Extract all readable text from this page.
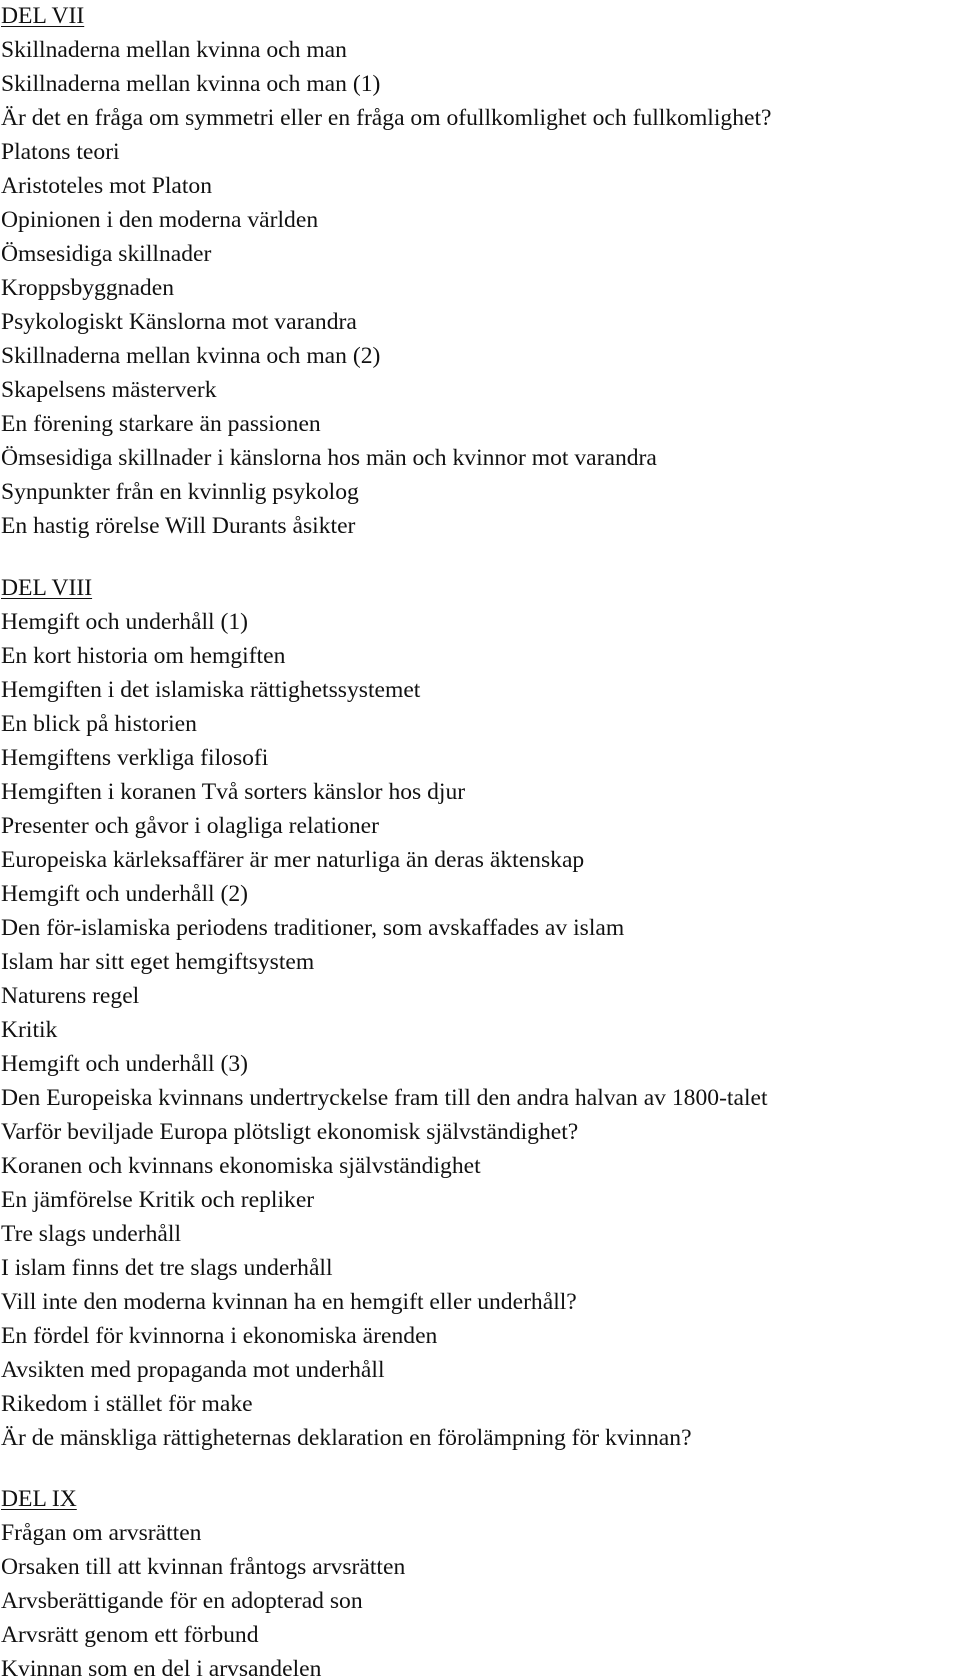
DEL VII
Skillnaderna mellan kvinna och man
Skillnaderna mellan kvinna och man (1)
Är det en fråga om symmetri eller en fråga om ofullkomlighet och fullkomlighet?
Platons teori
Aristoteles mot Platon
Opinionen i den moderna världen
Ömsesidiga skillnader
Kroppsbyggnaden
Psykologiskt Känslorna mot varandra
Skillnaderna mellan kvinna och man (2)
Skapelsens mästerverk
En förening starkare än passionen
Ömsesidiga skillnader i känslorna hos män och kvinnor mot varandra
Synpunkter från en kvinnlig psykolog
En hastig rörelse Will Durants åsikter
DEL VIII
Hemgift och underhåll (1)
En kort historia om hemgiften
Hemgiften i det islamiska rättighetssystemet
En blick på historien
Hemgiftens verkliga filosofi
Hemgiften i koranen Två sorters känslor hos djur
Presenter och gåvor i olagliga relationer
Europeiska kärleksaffärer är mer naturliga än deras äktenskap
Hemgift och underhåll (2)
Den för-islamiska periodens traditioner, som avskaffades av islam
Islam har sitt eget hemgiftsystem
Naturens regel
Kritik
Hemgift och underhåll (3)
Den Europeiska kvinnans undertryckelse fram till den andra halvan av 1800-talet
Varför beviljade Europa plötsligt ekonomisk självständighet?
Koranen och kvinnans ekonomiska självständighet
En jämförelse Kritik och repliker
Tre slags underhåll
I islam finns det tre slags underhåll
Vill inte den moderna kvinnan ha en hemgift eller underhåll?
En fördel för kvinnorna i ekonomiska ärenden
Avsikten med propaganda mot underhåll
Rikedom i stället för make
Är de mänskliga rättigheternas deklaration en förolämpning för kvinnan?
DEL IX
Frågan om arvsrätten
Orsaken till att kvinnan fråntogs arvsrätten
Arvsberättigande för en adopterad son
Arvsrätt genom ett förbund
Kvinnan som en del i arvsandelen
